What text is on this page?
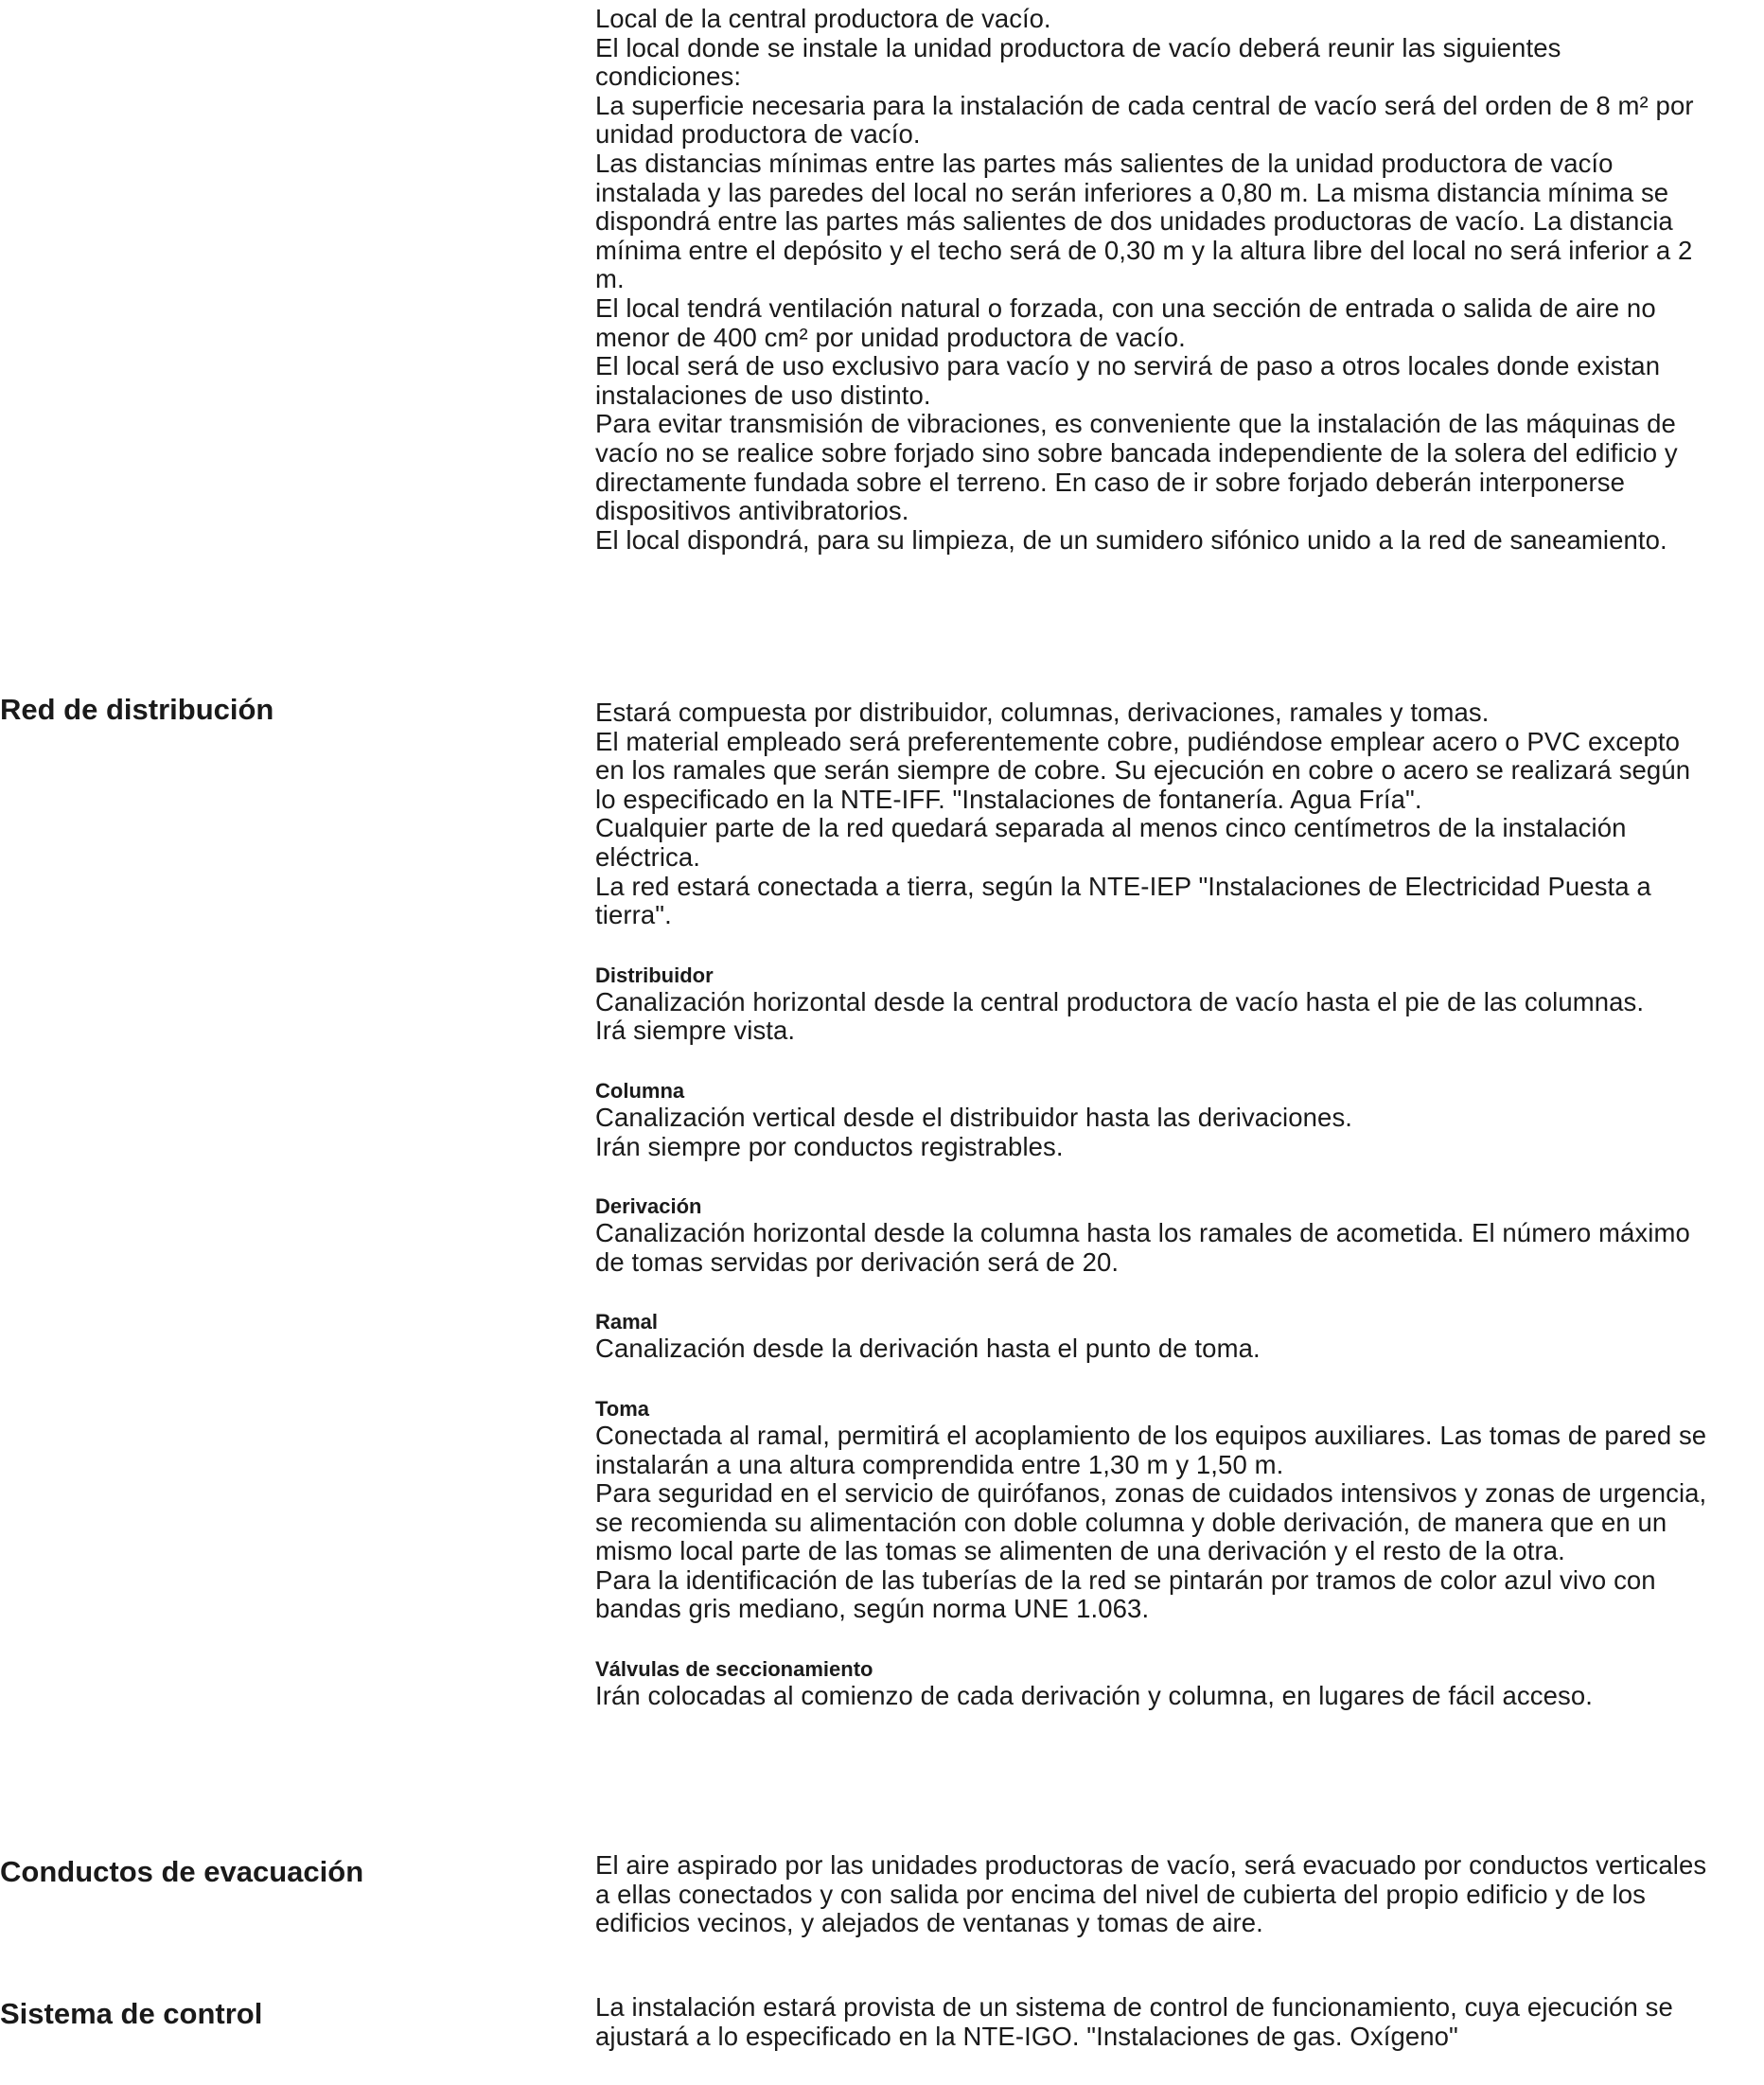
Local de la central productora de vacío.

El local donde se instale la unidad productora de vacío deberá reunir las siguientes condiciones:

La superficie necesaria para la instalación de cada central de vacío será del orden de 8 m² por unidad productora de vacío.

Las distancias mínimas entre las partes más salientes de la unidad productora de vacío instalada y las paredes del local no serán inferiores a 0,80 m. La misma distancia mínima se dispondrá entre las partes más salientes de dos unidades productoras de vacío. La distancia mínima entre el depósito y el techo será de 0,30 m y la altura libre del local no será inferior a 2 m.

El local tendrá ventilación natural o forzada, con una sección de entrada o salida de aire no menor de 400 cm² por unidad productora de vacío.

El local será de uso exclusivo para vacío y no servirá de paso a otros locales donde existan instalaciones de uso distinto.

Para evitar transmisión de vibraciones, es conveniente que la instalación de las máquinas de vacío no se realice sobre forjado sino sobre bancada independiente de la solera del edificio y directamente fundada sobre el terreno. En caso de ir sobre forjado deberán interponerse dispositivos antivibratorios.

El local dispondrá, para su limpieza, de un sumidero sifónico unido a la red de saneamiento.

Red de distribución	Estará compuesta por distribuidor, columnas, derivaciones, ramales y tomas.

El material empleado será preferentemente cobre, pudiéndose emplear acero o PVC excepto en los ramales que serán siempre de cobre. Su ejecución en cobre o acero se realizará según lo especificado en la NTE-IFF. "Instalaciones de fontanería. Agua Fría".

Cualquier parte de la red quedará separada al menos cinco centímetros de la instalación eléctrica.

La red estará conectada a tierra, según la NTE-IEP "Instalaciones de Electricidad Puesta a tierra".

Distribuidor

Canalización horizontal desde la central productora de vacío hasta el pie de las columnas.

Irá siempre vista.

Columna

Canalización vertical desde el distribuidor hasta las derivaciones.

Irán siempre por conductos registrables.

Derivación

Canalización horizontal desde la columna hasta los ramales de acometida. El número máximo de tomas servidas por derivación será de 20.

Ramal

Canalización desde la derivación hasta el punto de toma.

Toma

Conectada al ramal, permitirá el acoplamiento de los equipos auxiliares. Las tomas de pared se instalarán a una altura comprendida entre 1,30 m y 1,50 m.

Para seguridad en el servicio de quirófanos, zonas de cuidados intensivos y zonas de urgencia, se recomienda su alimentación con doble columna y doble derivación, de manera que en un mismo local parte de las tomas se alimenten de una derivación y el resto de la otra.

Para la identificación de las tuberías de la red se pintarán por tramos de color azul vivo con bandas gris mediano, según norma UNE 1.063.

Válvulas de seccionamiento

Irán colocadas al comienzo de cada derivación y columna, en lugares de fácil acceso.

Conductos de evacuación	El aire aspirado por las unidades productoras de vacío, será evacuado por conductos verticales a ellas conectados y con salida por encima del nivel de cubierta del propio edificio y de los edificios vecinos, y alejados de ventanas y tomas de aire.

Sistema de control	La instalación estará provista de un sistema de control de funcionamiento, cuya ejecución se ajustará a lo especificado en la NTE-IGO. "Instalaciones de gas. Oxígeno"
